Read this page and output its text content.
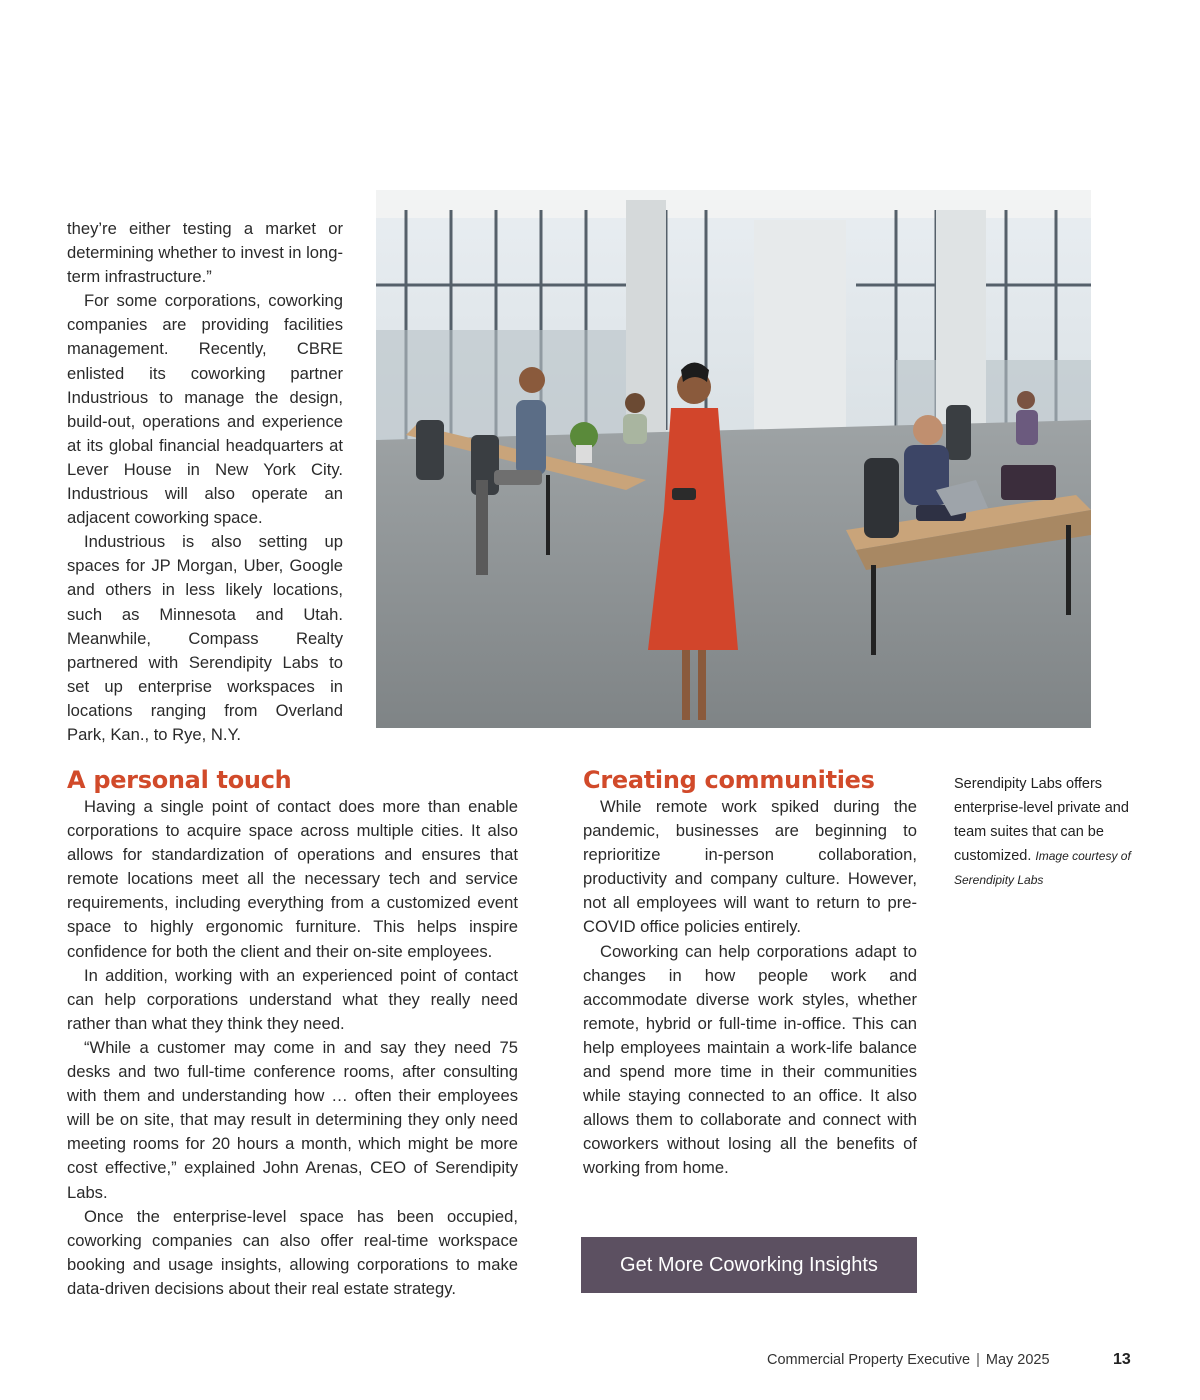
they’re either testing a market or determining whether to invest in long-term infrastructure.”

For some corporations, coworking companies are providing facilities management. Recently, CBRE enlisted its coworking partner Industrious to manage the design, build-out, operations and experience at its global financial headquarters at Lever House in New York City. Industrious will also operate an adjacent coworking space.

Industrious is also setting up spaces for JP Morgan, Uber, Google and others in less likely locations, such as Minnesota and Utah. Meanwhile, Compass Realty partnered with Serendipity Labs to set up enterprise workspaces in locations ranging from Overland Park, Kan., to Rye, N.Y.

A personal touch

Having a single point of contact does more than enable corporations to acquire space across multiple cities. It also allows for standardization of operations and ensures that remote locations meet all the necessary tech and service requirements, including everything from a customized event space to highly ergonomic furniture. This helps inspire confidence for both the client and their on-site employees.

In addition, working with an experienced point of contact can help corporations understand what they really need rather than what they think they need.

“While a customer may come in and say they need 75 desks and two full-time conference rooms, after consulting with them and understanding how … often their employees will be on site, that may result in determining they only need meeting rooms for 20 hours a month, which might be more cost effective,” explained John Arenas, CEO of Serendipity Labs.

Once the enterprise-level space has been occupied, coworking companies can also offer real-time workspace booking and usage insights, allowing corporations to make data-driven decisions about their real estate strategy.

Creating communities

While remote work spiked during the pandemic, businesses are beginning to reprioritize in-person collaboration, productivity and company culture. However, not all employees will want to return to pre-COVID office policies entirely.

Coworking can help corporations adapt to changes in how people work and accommodate diverse work styles, whether remote, hybrid or full-time in-office. This can help employees maintain a work-life balance and spend more time in their communities while staying connected to an office. It also allows them to collaborate and connect with coworkers without losing all the benefits of working from home.

Serendipity Labs offers enterprise-level private and team suites that can be customized. Image courtesy of Serendipity Labs
Get More Coworking Insights
Commercial Property Executive | May 2025	13
